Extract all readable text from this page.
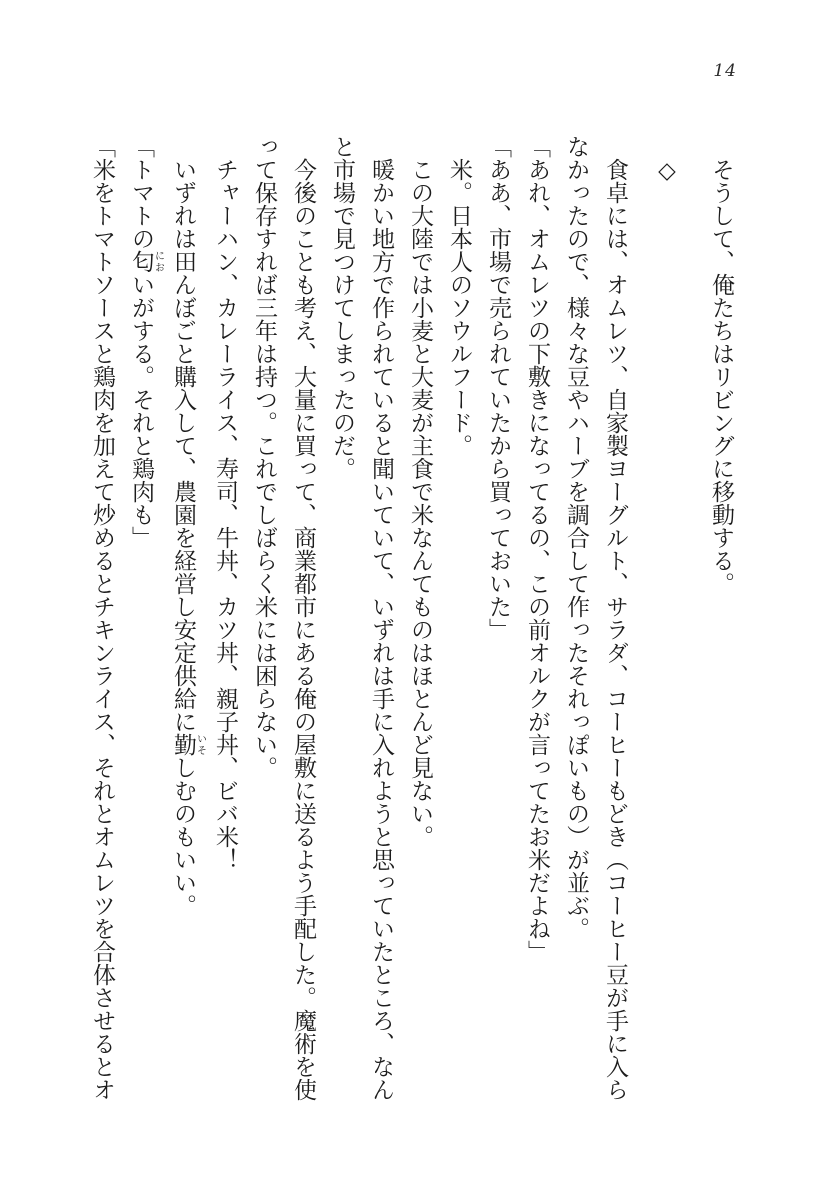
14
そうして、俺たちはリビングに移動する。
◇
食卓には、オムレツ、自家製ヨーグルト、サラダ、コーヒーもどき（コーヒー豆が手に入ら
なかったので、様々な豆やハーブを調合して作ったそれっぽいもの）が並ぶ。
「あれ、オムレツの下敷きになってるの、この前オルクが言ってたお米だよね」
「ああ、市場で売られていたから買っておいた」
米。日本人のソウルフード。
この大陸では小麦と大麦が主食で米なんてものはほとんど見ない。
暖かい地方で作られていると聞いていて、いずれは手に入れようと思っていたところ、なん
と市場で見つけてしまったのだ。
今後のことも考え、大量に買って、商業都市にある俺の屋敷に送るよう手配した。魔術を使
って保存すれば三年は持つ。これでしばらく米には困らない。
チャーハン、カレーライス、寿司、牛丼、カツ丼、親子丼、ビバ米！
いずれは田んぼごと購入して、農園を経営し安定供給に勤いそしむのもいい。
「トマトの匂においがする。それと鶏肉も」
「米をトマトソースと鶏肉を加えて炒めるとチキンライス、それとオムレツを合体させるとオ
